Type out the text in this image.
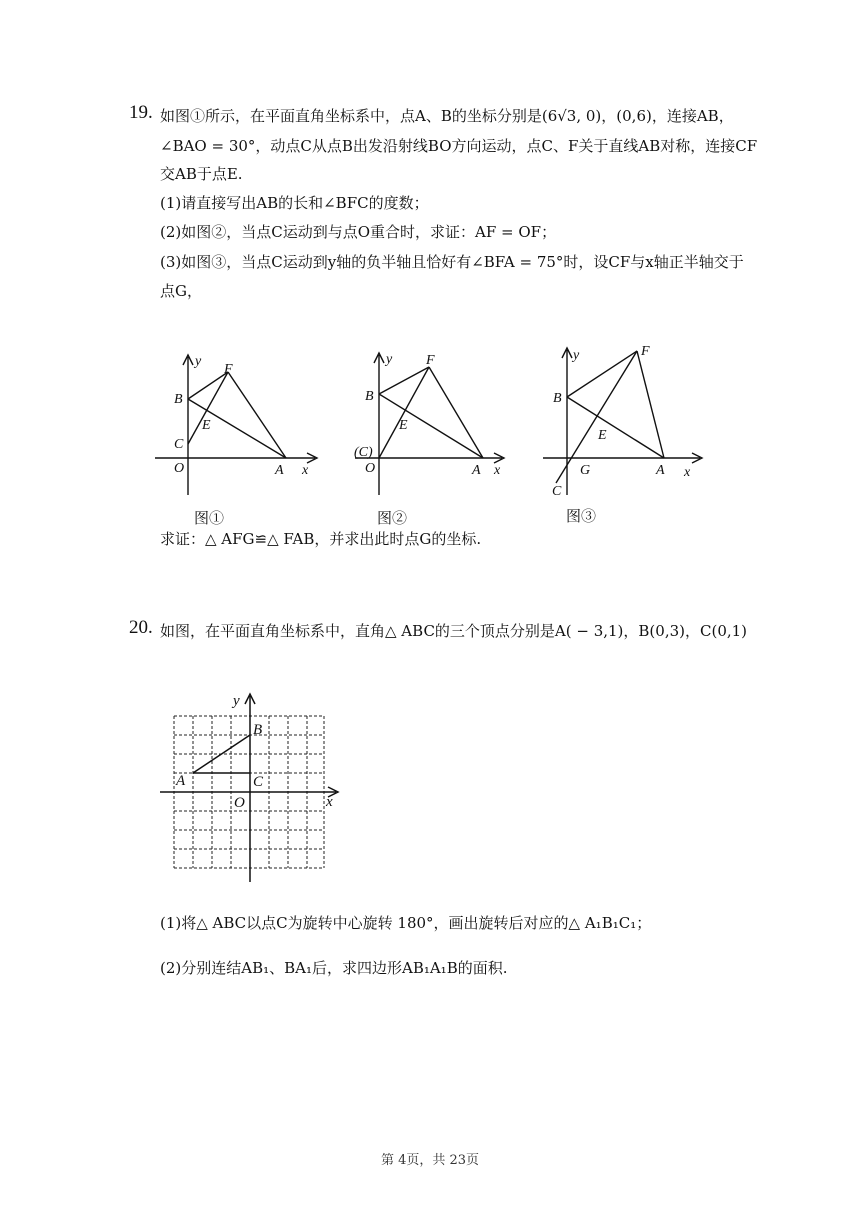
19. 如图①所示，在平面直角坐标系中，点A、B的坐标分别是(6√3, 0)，(0,6)，连接AB，
∠BAO = 30°，动点C从点B出发沿射线BO方向运动，点C、F关于直线AB对称，连接CF
交AB于点E.
(1)请直接写出AB的长和∠BFC的度数；
(2)如图②，当点C运动到与点O重合时，求证：AF = OF；
(3)如图③，当点C运动到y轴的负半轴且恰好有∠BFA = 75°时，设CF与x轴正半轴交于
点G，
y
x
B
F
E
C
O	A
图①
y
x
B
F
E
(C)
O	A
图②
y
x
B
F
E
C
G	A
图③
求证：△ AFG≌△ FAB，并求出此时点G的坐标.
20. 如图，在平面直角坐标系中，直角△ ABC的三个顶点分别是A( − 3,1)，B(0,3)，C(0,1)
y
x
A
B
C
O
(1)将△ ABC以点C为旋转中心旋转 180°，画出旋转后对应的△ A₁B₁C₁；
(2)分别连结AB₁、BA₁后，求四边形AB₁A₁B的面积.
第 4页，共 23页
